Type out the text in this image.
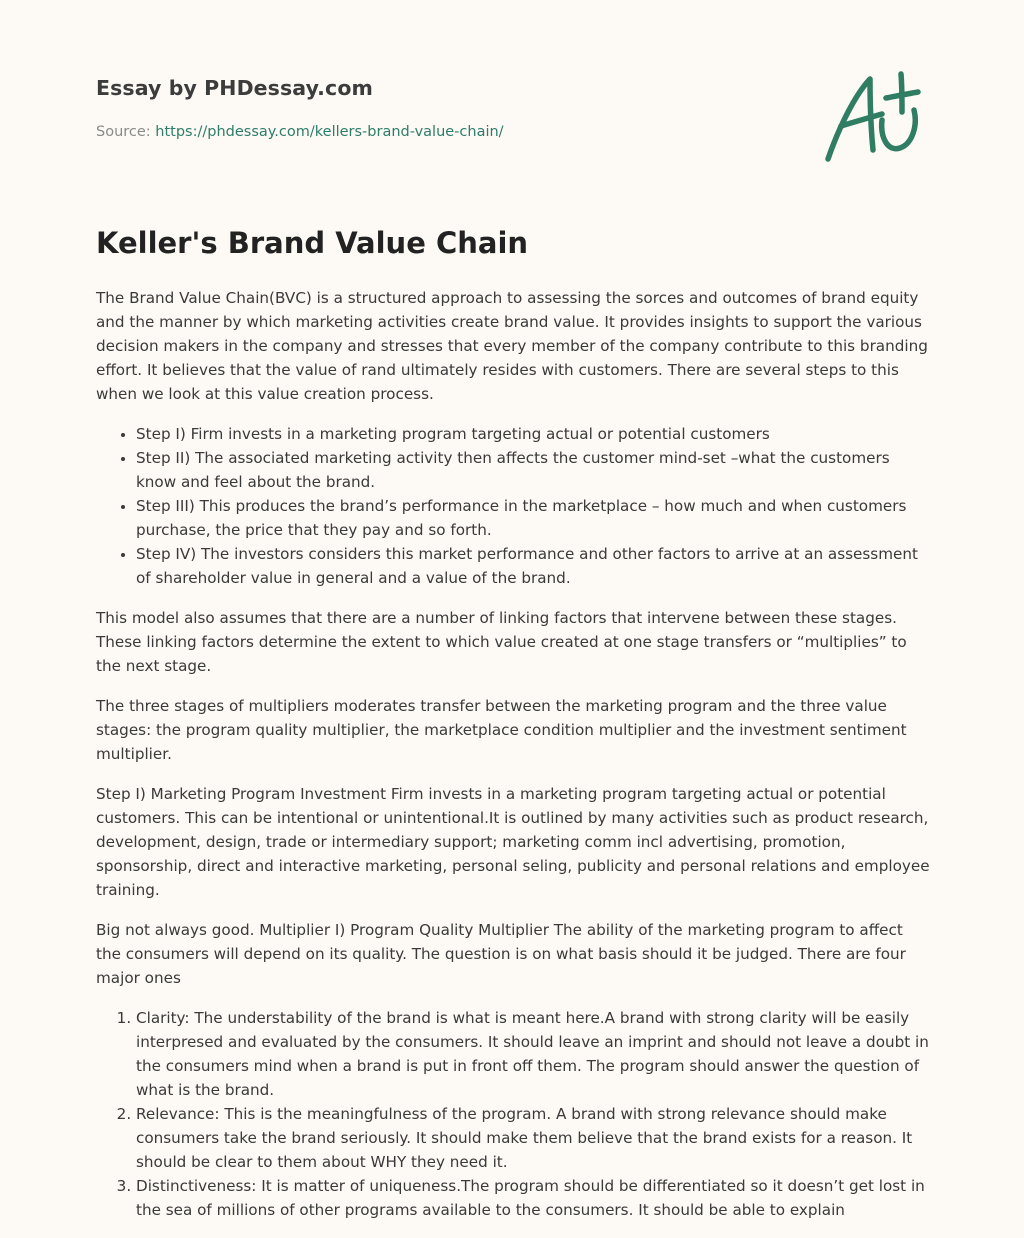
Essay by PHDessay.com
Source: https://phdessay.com/kellers-brand-value-chain/
Keller's Brand Value Chain

The Brand Value Chain(BVC) is a structured approach to assessing the sorces and outcomes of brand equity and the manner by which marketing activities create brand value. It provides insights to support the various decision makers in the company and stresses that every member of the company contribute to this branding effort. It believes that the value of rand ultimately resides with customers. There are several steps to this when we look at this value creation process.

• Step I) Firm invests in a marketing program targeting actual or potential customers
• Step II) The associated marketing activity then affects the customer mind-set –what the customers know and feel about the brand.
• Step III) This produces the brand’s performance in the marketplace – how much and when customers purchase, the price that they pay and so forth.
• Step IV) The investors considers this market performance and other factors to arrive at an assessment of shareholder value in general and a value of the brand.

This model also assumes that there are a number of linking factors that intervene between these stages. These linking factors determine the extent to which value created at one stage transfers or “multiplies” to the next stage.

The three stages of multipliers moderates transfer between the marketing program and the three value stages: the program quality multiplier, the marketplace condition multiplier and the investment sentiment multiplier.

Step I) Marketing Program Investment Firm invests in a marketing program targeting actual or potential customers. This can be intentional or unintentional.It is outlined by many activities such as product research, development, design, trade or intermediary support; marketing comm incl advertising, promotion, sponsorship, direct and interactive marketing, personal seling, publicity and personal relations and employee training.

Big not always good. Multiplier I) Program Quality Multiplier The ability of the marketing program to affect the consumers will depend on its quality. The question is on what basis should it be judged. There are four major ones

1. Clarity: The understability of the brand is what is meant here.A brand with strong clarity will be easily interpresed and evaluated by the consumers. It should leave an imprint and should not leave a doubt in the consumers mind when a brand is put in front off them. The program should answer the question of what is the brand.
2. Relevance: This is the meaningfulness of the program. A brand with strong relevance should make consumers take the brand seriously. It should make them believe that the brand exists for a reason. It should be clear to them about WHY they need it.
3. Distinctiveness: It is matter of uniqueness.The program should be differentiated so it doesn’t get lost in the sea of millions of other programs available to the consumers. It should be able to explain
